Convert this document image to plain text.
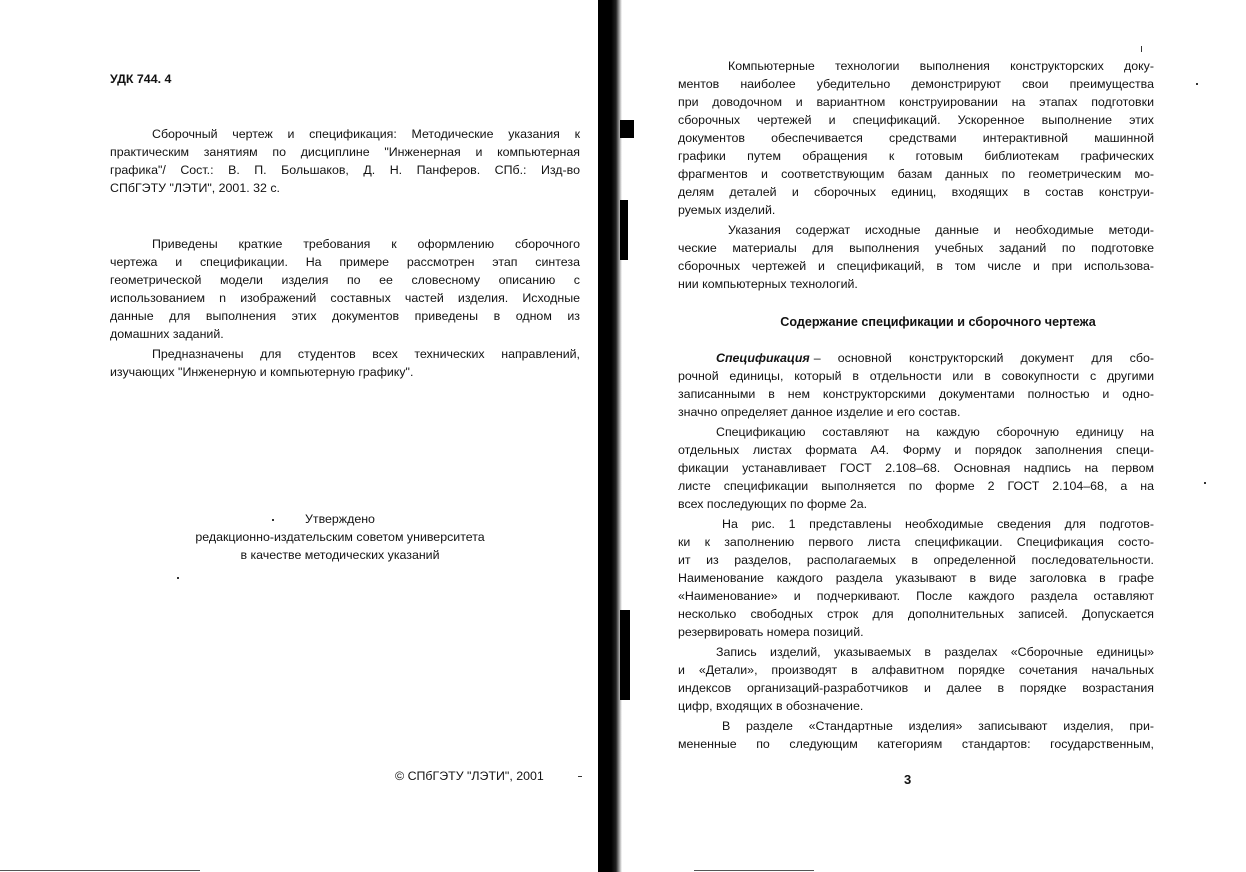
УДК 744. 4
Сборочный чертеж и спецификация: Методические указания к
практическим занятиям по дисциплине "Инженерная и компьютерная
графика"/ Сост.: В. П. Большаков, Д. Н. Панферов. СПб.: Изд-во
СПбГЭТУ "ЛЭТИ", 2001. 32 с.
Приведены краткие требования к оформлению сборочного
чертежа и спецификации. На примере рассмотрен этап синтеза
геометрической модели изделия по ее словесному описанию с
использованием n изображений составных частей изделия. Исходные
данные для выполнения этих документов приведены в одном из
домашних заданий.
Предназначены для студентов всех технических направлений,
изучающих "Инженерную и компьютерную графику".
Утверждено
редакционно-издательским советом университета
в качестве методических указаний
© СПбГЭТУ "ЛЭТИ", 2001
Компьютерные технологии выполнения конструкторских доку-
ментов наиболее убедительно демонстрируют свои преимущества
при доводочном и вариантном конструировании на этапах подготовки
сборочных чертежей и спецификаций. Ускоренное выполнение этих
документов обеспечивается средствами интерактивной машинной
графики путем обращения к готовым библиотекам графических
фрагментов и соответствующим базам данных по геометрическим мо-
делям деталей и сборочных единиц, входящих в состав конструи-
руемых изделий.
Указания содержат исходные данные и необходимые методи-
ческие материалы для выполнения учебных заданий по подготовке
сборочных чертежей и спецификаций, в том числе и при использова-
нии компьютерных технологий.
Содержание спецификации и сборочного чертежа
Спецификация – основной конструкторский документ для сбо-
рочной единицы, который в отдельности или в совокупности с другими
записанными в нем конструкторскими документами полностью и одно-
значно определяет данное изделие и его состав.
Спецификацию составляют на каждую сборочную единицу на
отдельных листах формата А4. Форму и порядок заполнения специ-
фикации устанавливает ГОСТ 2.108–68. Основная надпись на первом
листе спецификации выполняется по форме 2 ГОСТ 2.104–68, а на
всех последующих по форме 2а.
На рис. 1 представлены необходимые сведения для подготов-
ки к заполнению первого листа спецификации. Спецификация состо-
ит из разделов, располагаемых в определенной последовательности.
Наименование каждого раздела указывают в виде заголовка в графе
«Наименование» и подчеркивают. После каждого раздела оставляют
несколько свободных строк для дополнительных записей. Допускается
резервировать номера позиций.
Запись изделий, указываемых в разделах «Сборочные единицы»
и «Детали», производят в алфавитном порядке сочетания начальных
индексов организаций-разработчиков и далее в порядке возрастания
цифр, входящих в обозначение.
В разделе «Стандартные изделия» записывают изделия, при-
мененные по следующим категориям стандартов: государственным,
3
